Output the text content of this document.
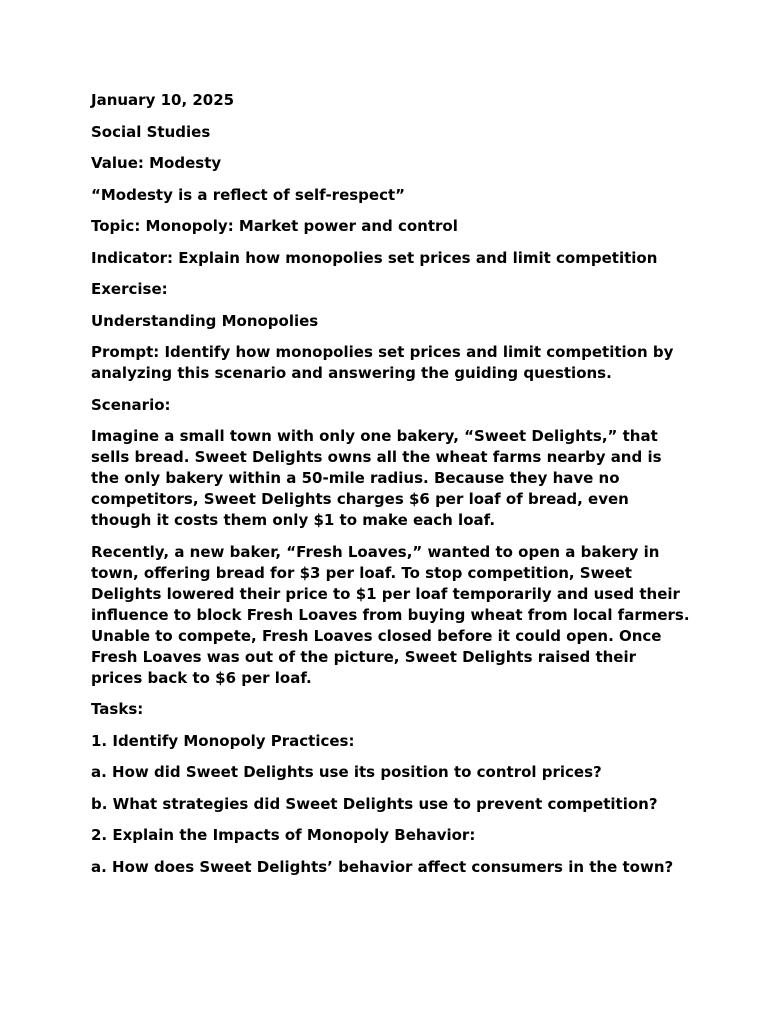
January 10, 2025

Social Studies

Value: Modesty

“Modesty is a reflect of self-respect”

Topic: Monopoly: Market power and control

Indicator: Explain how monopolies set prices and limit competition

Exercise:

Understanding Monopolies

Prompt: Identify how monopolies set prices and limit competition by analyzing this scenario and answering the guiding questions.

Scenario:

Imagine a small town with only one bakery, “Sweet Delights,” that sells bread. Sweet Delights owns all the wheat farms nearby and is the only bakery within a 50-mile radius. Because they have no competitors, Sweet Delights charges $6 per loaf of bread, even though it costs them only $1 to make each loaf.

Recently, a new baker, “Fresh Loaves,” wanted to open a bakery in town, offering bread for $3 per loaf. To stop competition, Sweet Delights lowered their price to $1 per loaf temporarily and used their influence to block Fresh Loaves from buying wheat from local farmers. Unable to compete, Fresh Loaves closed before it could open. Once Fresh Loaves was out of the picture, Sweet Delights raised their prices back to $6 per loaf.

Tasks:

1. Identify Monopoly Practices:

a. How did Sweet Delights use its position to control prices?

b. What strategies did Sweet Delights use to prevent competition?

2. Explain the Impacts of Monopoly Behavior:

a. How does Sweet Delights’ behavior affect consumers in the town?
